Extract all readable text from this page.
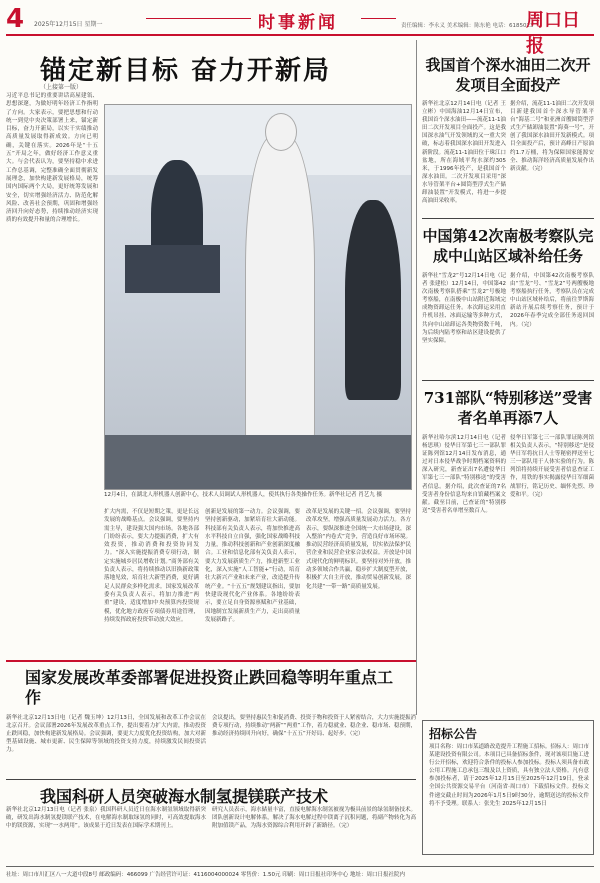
4 2025年12月15日 星期一	时事新闻	责任编辑：李永义 美术编辑：陈东艳 电话：6185023
周口日报
锚定新目标 奋力开新局
（上接第一版）
习近平总书记的重要讲话高屋建瓴、思想深邃，为做好明年经济工作指明了方向。大家表示，要把思想和行动统一到党中央决策部署上来，锚定新目标，奋力开新局，以实干实绩推动高质量发展取得新成效。方向已明确，关键在落实。2026年是“十五五”开局之年，做好经济工作意义重大。与会代表认为，要坚持稳中求进工作总基调，完整准确全面贯彻新发展理念，加快构建新发展格局，统筹国内国际两个大局，更好统筹发展和安全，切实增强经济活力、防范化解风险、改善社会预期，巩固和增强经济回升向好态势，持续推动经济实现质的有效提升和量的合理增长。
12月4日，在湖北人形机器人创新中心，技术人员调试人形机器人，使其执行各类操作任务。新华社记者 肖艺九 摄
扩大内需，不仅是短期之策，更是长远发展的战略基点。会议强调，要坚持内需主导，建设强大国内市场。各地各部门纷纷表示，要大力提振消费，扩大有效投资，推动消费和投资协同发力。“深入实施提振消费专项行动，制定实施城乡居民增收计划。”商务部有关负责人表示，将持续推动以旧换新政策落地见效，培育壮大新型消费，更好满足人民群众多样化需求。国家发展改革委有关负责人表示，将加力推进“两重”建设，适度增加中央预算内投资规模，优化地方政府专项债券用途管理，持续发挥政府投资带动放大效应。
创新是发展的第一动力。会议强调，要坚持创新驱动，加紧培育壮大新动能。科技部有关负责人表示，将加快推进高水平科技自立自强，强化国家战略科技力量，推动科技创新和产业创新深度融合。工业和信息化部有关负责人表示，要大力发展新质生产力，推进新型工业化，深入实施“人工智能+”行动，培育壮大新兴产业和未来产业，改造提升传统产业。“十五五”规划建议指出，要加快建设现代化产业体系。各地纷纷表示，要立足自身资源禀赋和产业基础，因地制宜发展新质生产力，走出高质量发展新路子。
改革是发展的关键一招。会议强调，要坚持改革攻坚，增强高质量发展动力活力。各方表示，要纵深推进全国统一大市场建设，深入整治“内卷式”竞争，营造良好市场环境。推动民营经济高质量发展，切实依法保护民营企业和民营企业家合法权益。开放是中国式现代化的鲜明标识。要坚持对外开放，推动多领域合作共赢，稳步扩大制度型开放，积极扩大自主开放，推动贸易创新发展，深化共建“一带一路”高质量发展。
我国首个深水油田二次开发项目全面投产
新华社北京12月14日电（记者 王立彬）中国海油12月14日宣布，我国首个深水油田——流花11-1油田二次开发项目全面投产。这是我国深水油气开发领域的又一重大突破，标志着我国深水油田开发进入新阶段。流花11-1油田位于珠江口盆地，所在海域平均水深约305米，于1996年投产，是我国首个深水油田。二次开发项目采用“深水导管架平台+圆筒型浮式生产储卸油装置”开发模式，将进一步提高油田采收率。
据介绍，流花11-1油田二次开发项目新建我国首个深水导管架平台“海基二号”和亚洲首艘圆筒型浮式生产储卸油装置“海葵一号”，开创了我国深水油田开发新模式。项目全面投产后，预计高峰日产原油约1.7万桶，将为保障国家能源安全、推动海洋经济高质量发展作出新贡献。（完）
中国第42次南极考察队完成中山站区域补给任务
新华社“雪龙2”号12月14日电（记者 张建松）12月14日，中国第42次南极考察队搭乘“雪龙2”号极地考察船，在南极中山站附近海域完成物资卸运任务。本次卸运采用直升机吊挂、冰面运输等多种方式，共向中山站卸运各类物资数千吨，为后续内陆考察和站区建设提供了坚实保障。
据介绍，中国第42次南极考察队由“雪龙”号、“雪龙2”号两艘极地考察船执行任务，考察队员在完成中山站区域补给后，将前往罗斯海新站开展后续考察任务，预计于2026年春季完成全部任务返回国内。（完）
731部队“特别移送”受害者名单再添7人
新华社哈尔滨12月14日电（记者 杨思琪）侵华日军第七三一部队罪证陈列馆12月14日发布消息，通过对日本侵华战争时期档案资料的深入研究，新查证出7名遭侵华日军第七三一部队“特别移送”的受害者信息。据介绍，此次查证的7名受害者身份信息均来自馆藏档案文献。截至目前，已查证的“特别移送”受害者名单增至数百人。
侵华日军第七三一部队罪证陈列馆相关负责人表示，“特别移送”是侵华日军将抗日人士等秘密押送至七三一部队用于人体实验的行为。陈列馆将持续开展受害者信息查证工作，用铁的事实揭露侵华日军细菌战罪行，铭记历史、缅怀先烈、珍爱和平。（完）
国家发展改革委部署促进投资止跌回稳等明年重点工作
新华社北京12月13日电（记者 魏玉坤）12月13日，全国发展和改革工作会议在北京召开。会议部署2026年发展改革重点工作，提出要着力扩大内需，推动投资止跌回稳，加快构建新发展格局。会议强调，要更大力度优化投资结构，加大对新型基础设施、城市更新、民生保障等领域的投资支持力度，持续激发民间投资活力。
会议提出，要坚持惠民生和促消费、投资于物和投资于人紧密结合，大力实施提振消费专项行动，持续推动“两新”“两重”工作，着力稳就业、稳企业、稳市场、稳预期，推动经济持续回升向好，确保“十五五”开好局、起好步。（完）
我国科研人员突破海水制氢提镁联产技术
新华社北京12月13日电（记者 张泉）我国科研人员近日在海水制氢领域取得新突破，研发出海水制氢提镁联产技术，在电解海水制取绿氢的同时，可高效提取海水中的镁资源，实现“一水两用”。该成果于近日发表在国际学术期刊上。
研究人员表示，海水储量丰富，直接电解海水制氢被视为极具前景的绿氢制备技术。团队创新设计电解体系，解决了海水电解过程中镁离子沉积问题，将副产物转化为高附加值镁产品，为海水资源综合利用开辟了新路径。（完）
招标公告
项目名称：周口市某道路改造提升工程施工招标。招标人：周口市某建设投资有限公司。本项目已具备招标条件，现对该项目施工进行公开招标，欢迎符合条件的投标人参加投标。投标人须具备市政公用工程施工总承包三级及以上资质，具有独立法人资格。凡有意参加投标者，请于2025年12月15日至2025年12月19日，登录全国公共资源交易平台（河南省·周口市）下载招标文件。投标文件递交截止时间为2026年1月5日9时30分，逾期送达的投标文件将不予受理。联系人：张先生 2025年12月15日
社址：周口市川汇区八一大道中段8号 邮政编码：466099 广告经营许可证：4116004000024 零售价：1.50元 印刷：周口日报社印务中心 地址：周口日报社院内
